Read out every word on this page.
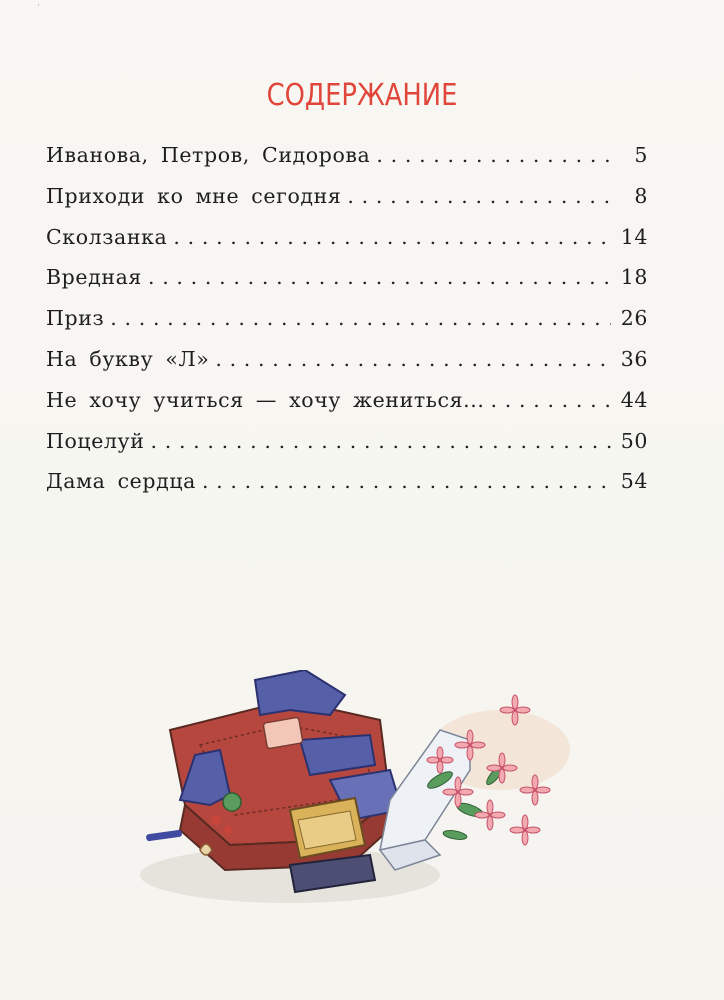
˙
СОДЕРЖАНИЕ
Иванова, Петров, Сидорова . . .	5
Приходи ко мне сегодня . . .	8
Сколзанка . . .	14
Вредная . . .	18
Приз . . .	26
На букву «Л» . . .	36
Не хочу учиться — хочу жениться... . . .	44
Поцелуй . . .	50
Дама сердца . . .	54
